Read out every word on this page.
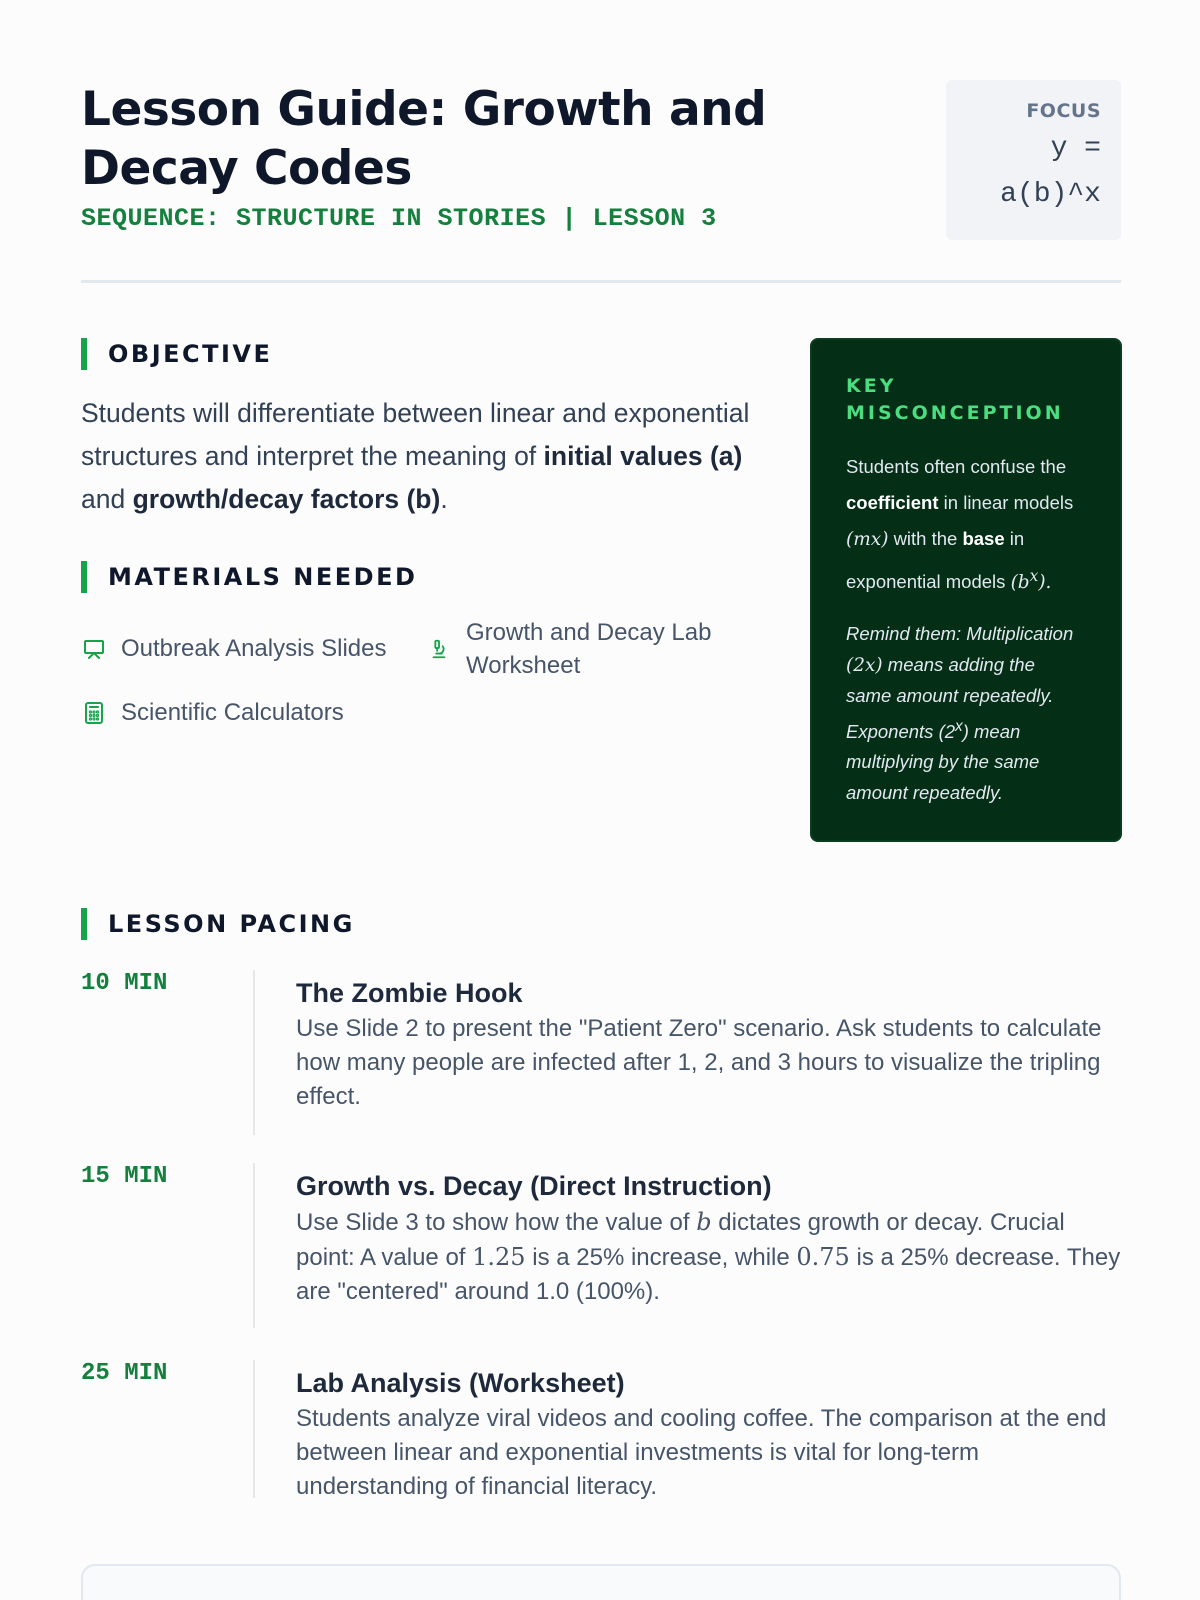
Lesson Guide: Growth and Decay Codes
SEQUENCE: STRUCTURE IN STORIES | LESSON 3
FOCUS
y =
a(b)^x
OBJECTIVE

Students will differentiate between linear and exponential structures and interpret the meaning of initial values (a) and growth/decay factors (b).

MATERIALS NEEDED
Outbreak Analysis Slides
Growth and Decay Lab Worksheet
Scientific Calculators
KEY MISCONCEPTION
Students often confuse the coefficient in linear models (mx) with the base in exponential models $(b^x)$.
Remind them: Multiplication
(2x) means adding the
same amount repeatedly.
Exponents (2$^x$) mean
multiplying by the same
amount repeatedly.
LESSON PACING
10 MIN	The Zombie Hook
Use Slide 2 to present the "Patient Zero" scenario. Ask students to calculate how many people are infected after 1, 2, and 3 hours to visualize the tripling effect.
15 MIN	Growth vs. Decay (Direct Instruction)
Use Slide 3 to show how the value of b dictates growth or decay. Crucial point: A value of 1.25 is a 25% increase, while 0.75 is a 25% decrease. They are "centered" around 1.0 (100%).
25 MIN	Lab Analysis (Worksheet)
Students analyze viral videos and cooling coffee. The comparison at the end between linear and exponential investments is vital for long-term understanding of financial literacy.
